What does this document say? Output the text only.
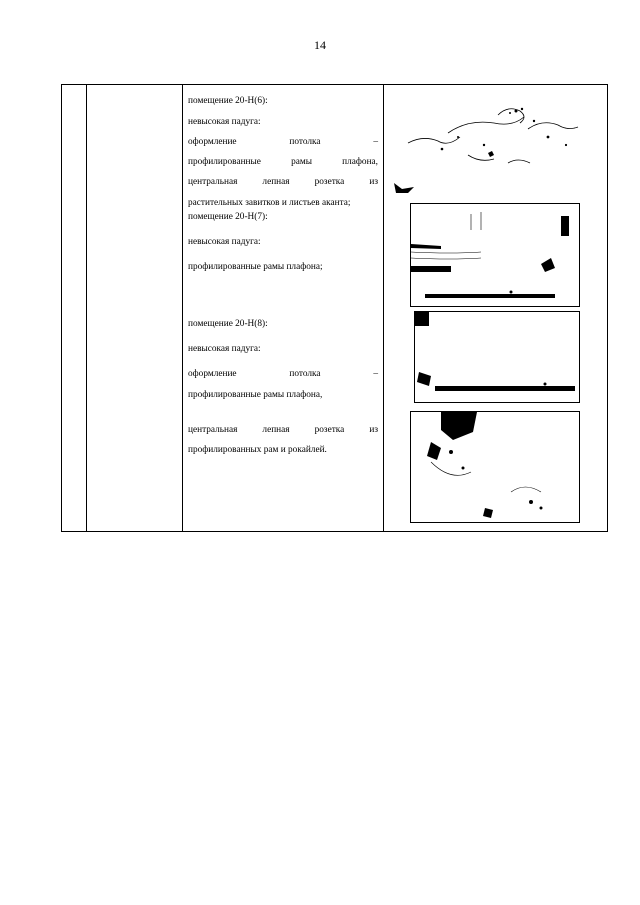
14

помещение 20-Н(6):

невысокая падуга:

оформление потолка –

профилированные рамы плафона,

центральная лепная розетка из

растительных завитков и листьев аканта;

помещение 20-Н(7):

невысокая падуга:

профилированные рамы плафона;

помещение 20-Н(8):

невысокая падуга:

оформление потолка –

профилированные рамы плафона,

центральная лепная розетка из

профилированных рам и рокайлей.
